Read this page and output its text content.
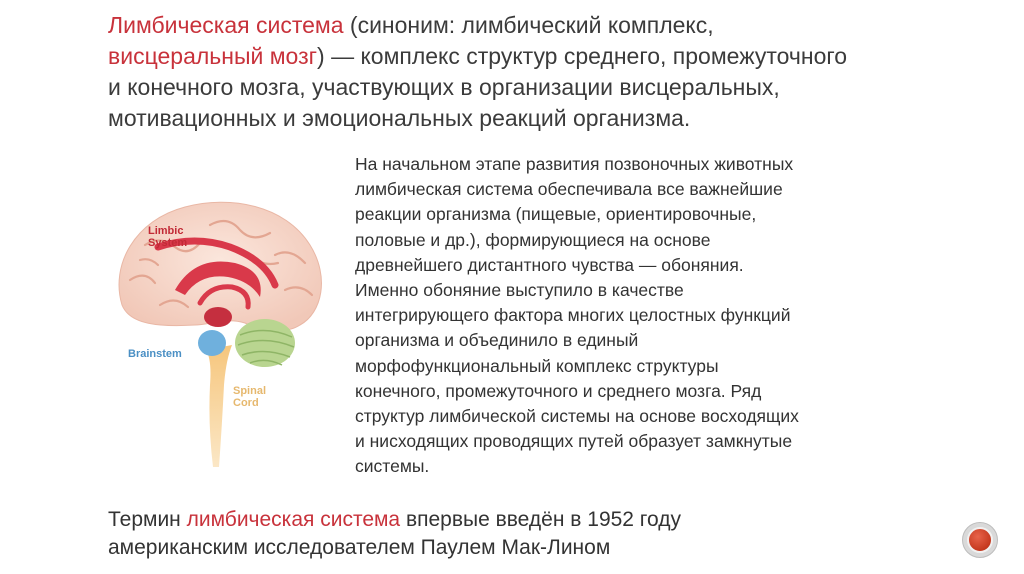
Лимбическая система (синоним: лимбический комплекс,
висцеральный мозг) — комплекс структур среднего, промежуточного
и конечного мозга, участвующих в организации висцеральных,
мотивационных и эмоциональных реакций организма.
Limbic
System
Brainstem
Spinal
Cord

На начальном этапе развития позвоночных животных

лимбическая система обеспечивала все важнейшие

реакции организма (пищевые, ориентировочные,

половые и др.), формирующиеся на основе

древнейшего дистантного чувства — обоняния.

Именно обоняние выступило в качестве

интегрирующего фактора многих целостных функций

организма и объединило в единый

морфофункциональный комплекс структуры

конечного, промежуточного и среднего мозга. Ряд

структур лимбической системы на основе восходящих

и нисходящих проводящих путей образует замкнутые

системы.

Термин лимбическая система впервые введён в 1952 году
американским исследователем Паулем Мак-Лином
